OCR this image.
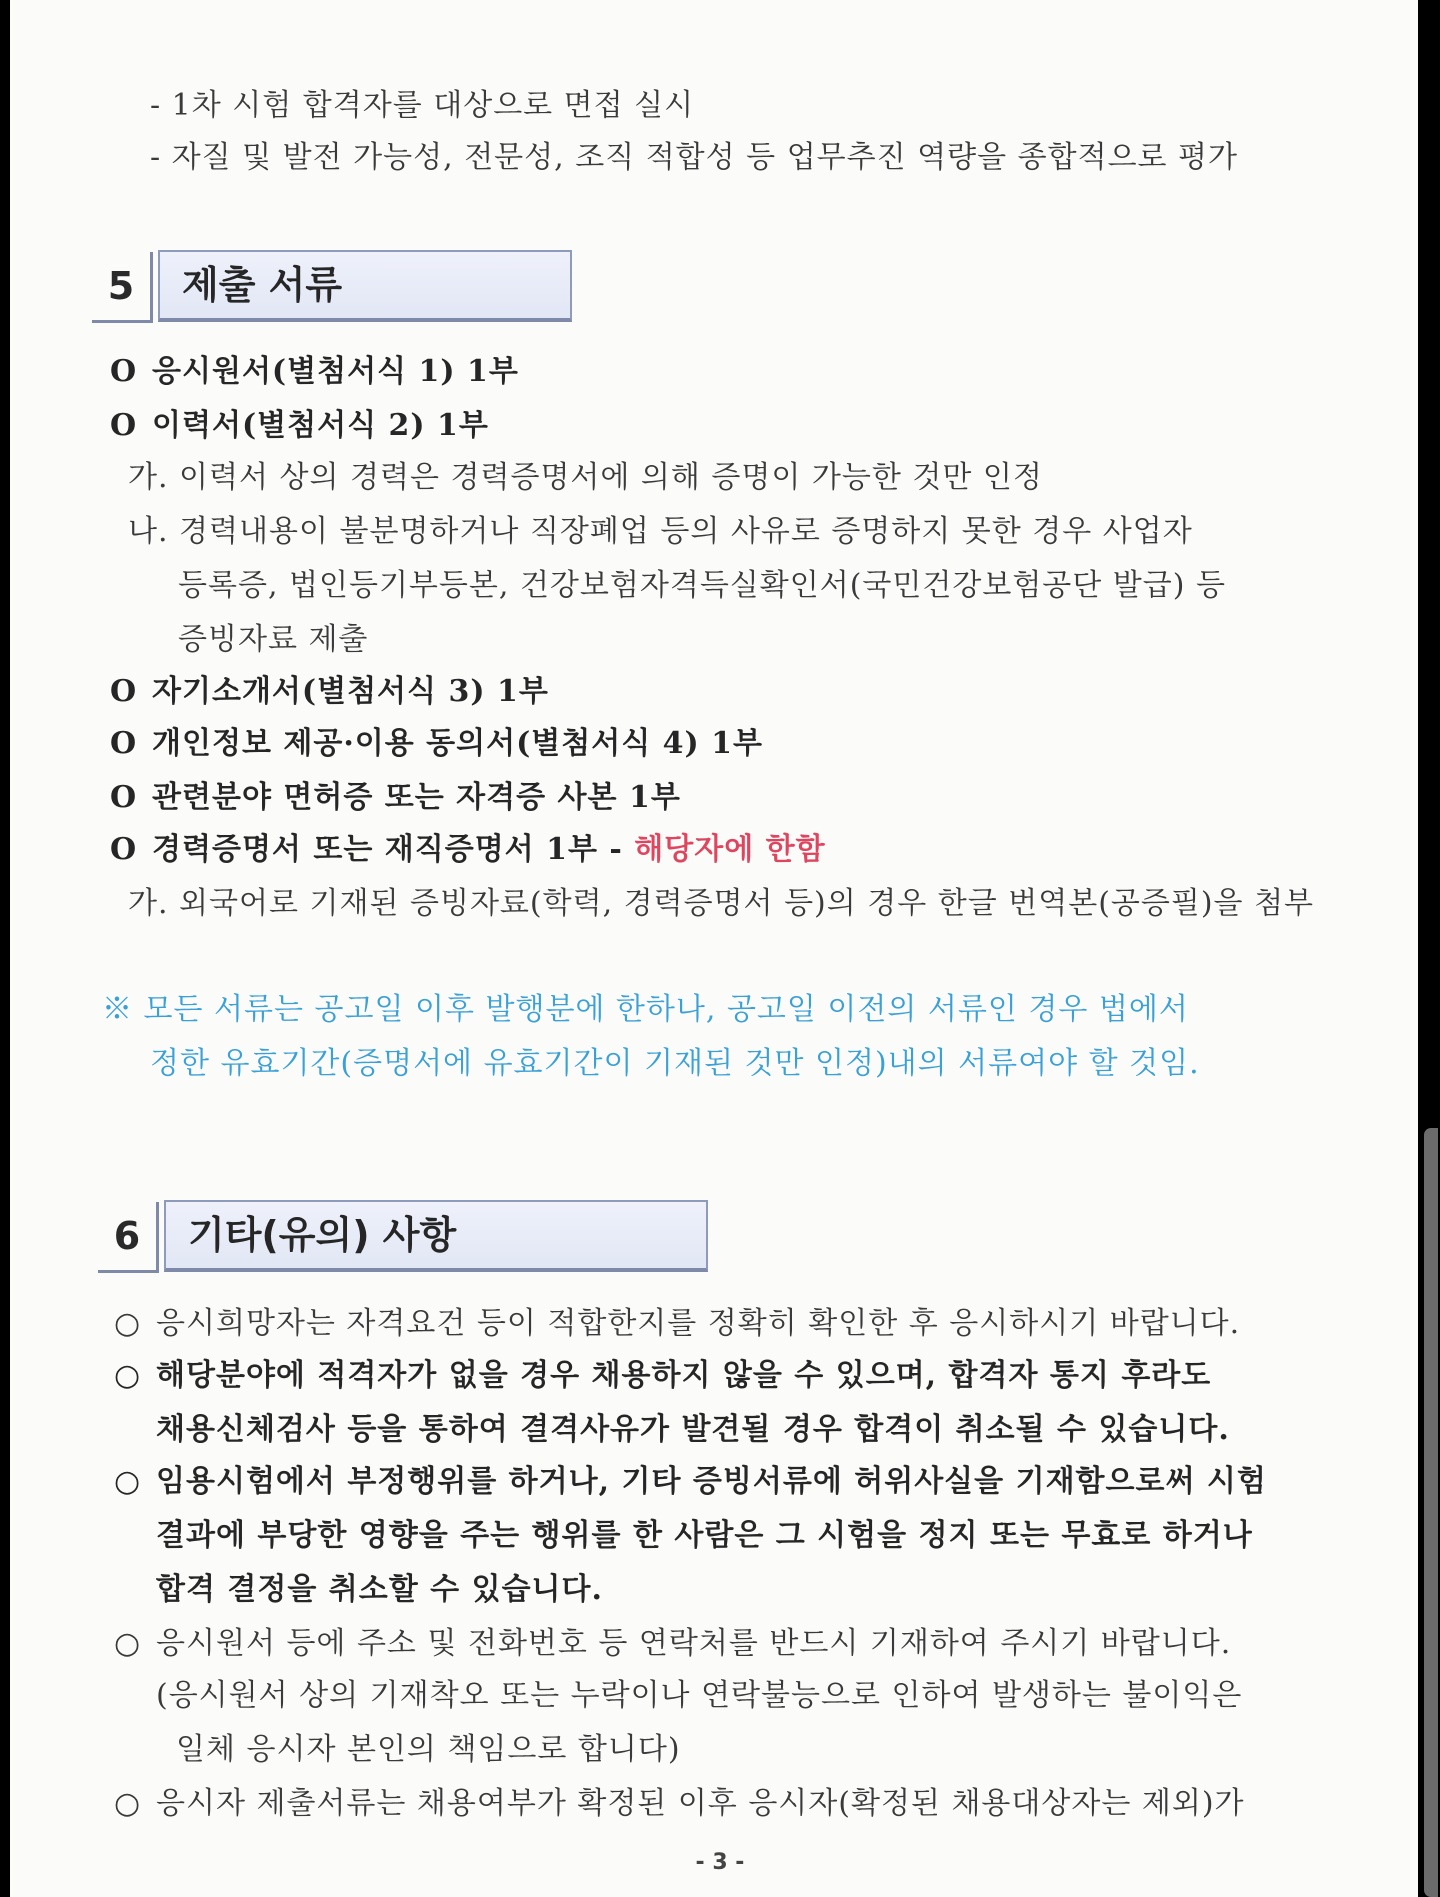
- 1차 시험 합격자를 대상으로 면접 실시
- 자질 및 발전 가능성, 전문성, 조직 적합성 등 업무추진 역량을 종합적으로 평가
5	제출 서류
O 응시원서(별첨서식 1) 1부
O 이력서(별첨서식 2) 1부
가. 이력서 상의 경력은 경력증명서에 의해 증명이 가능한 것만 인정
나. 경력내용이 불분명하거나 직장폐업 등의 사유로 증명하지 못한 경우 사업자
등록증, 법인등기부등본, 건강보험자격득실확인서(국민건강보험공단 발급) 등
증빙자료 제출
O 자기소개서(별첨서식 3) 1부
O 개인정보 제공·이용 동의서(별첨서식 4) 1부
O 관련분야 면허증 또는 자격증 사본 1부
O 경력증명서 또는 재직증명서 1부 - 해당자에 한함
가. 외국어로 기재된 증빙자료(학력, 경력증명서 등)의 경우 한글 번역본(공증필)을 첨부
※ 모든 서류는 공고일 이후 발행분에 한하나, 공고일 이전의 서류인 경우 법에서
정한 유효기간(증명서에 유효기간이 기재된 것만 인정)내의 서류여야 할 것임.
6	기타(유의) 사항
○ 응시희망자는 자격요건 등이 적합한지를 정확히 확인한 후 응시하시기 바랍니다.
○ 해당분야에 적격자가 없을 경우 채용하지 않을 수 있으며, 합격자 통지 후라도
채용신체검사 등을 통하여 결격사유가 발견될 경우 합격이 취소될 수 있습니다.
○ 임용시험에서 부정행위를 하거나, 기타 증빙서류에 허위사실을 기재함으로써 시험
결과에 부당한 영향을 주는 행위를 한 사람은 그 시험을 정지 또는 무효로 하거나
합격 결정을 취소할 수 있습니다.
○ 응시원서 등에 주소 및 전화번호 등 연락처를 반드시 기재하여 주시기 바랍니다.
(응시원서 상의 기재착오 또는 누락이나 연락불능으로 인하여 발생하는 불이익은
일체 응시자 본인의 책임으로 합니다)
○ 응시자 제출서류는 채용여부가 확정된 이후 응시자(확정된 채용대상자는 제외)가
- 3 -
